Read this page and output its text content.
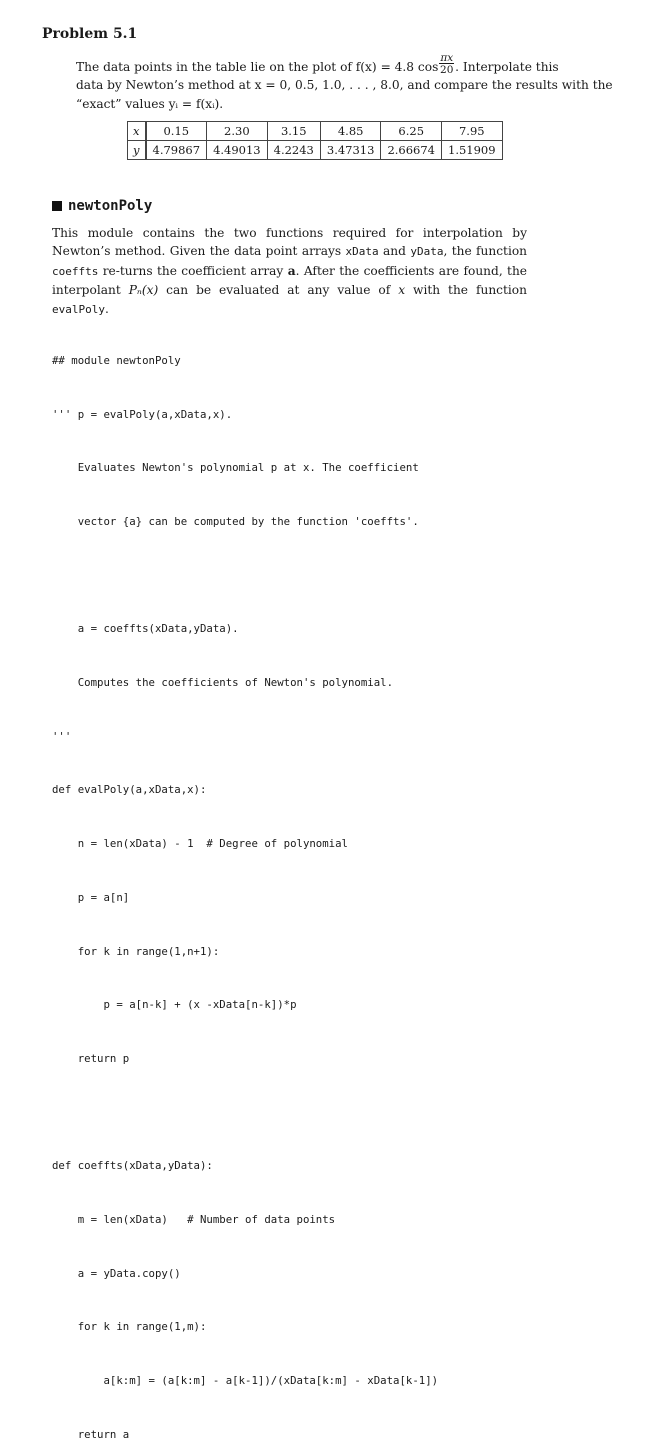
Problem 5.1
The data points in the table lie on the plot of f(x) = 4.8 $\cos \frac{\pi x}{20}$ . Interpolate this
data by Newton’s method at x = 0, 0.5, 1.0, . . . , 8.0, and compare the results with the
“exact” values yᵢ = f(xᵢ).
x	0.15	2.30	3.15	4.85	6.25	7.95
y	4.79867	4.49013	4.2243	3.47313	2.66674	1.51909
newtonPoly
This module contains the two functions required for interpolation by Newton’s method. Given the data point arrays xData and yData, the function coeffts re-turns the coefficient array a. After the coefficients are found, the interpolant Pₙ(x) can be evaluated at any value of x with the function evalPoly.

## module newtonPoly

''' p = evalPoly(a,xData,x).

Evaluates Newton's polynomial p at x. The coefficient

vector {a} can be computed by the function 'coeffts'.

a = coeffts(xData,yData).

Computes the coefficients of Newton's polynomial.

'''

def evalPoly(a,xData,x):

n = len(xData) - 1  # Degree of polynomial

p = a[n]

for k in range(1,n+1):

p = a[n-k] + (x -xData[n-k])*p

return p

def coeffts(xData,yData):

m = len(xData)   # Number of data points

a = yData.copy()

for k in range(1,m):

a[k:m] = (a[k:m] - a[k-1])/(xData[k:m] - xData[k-1])

return a
